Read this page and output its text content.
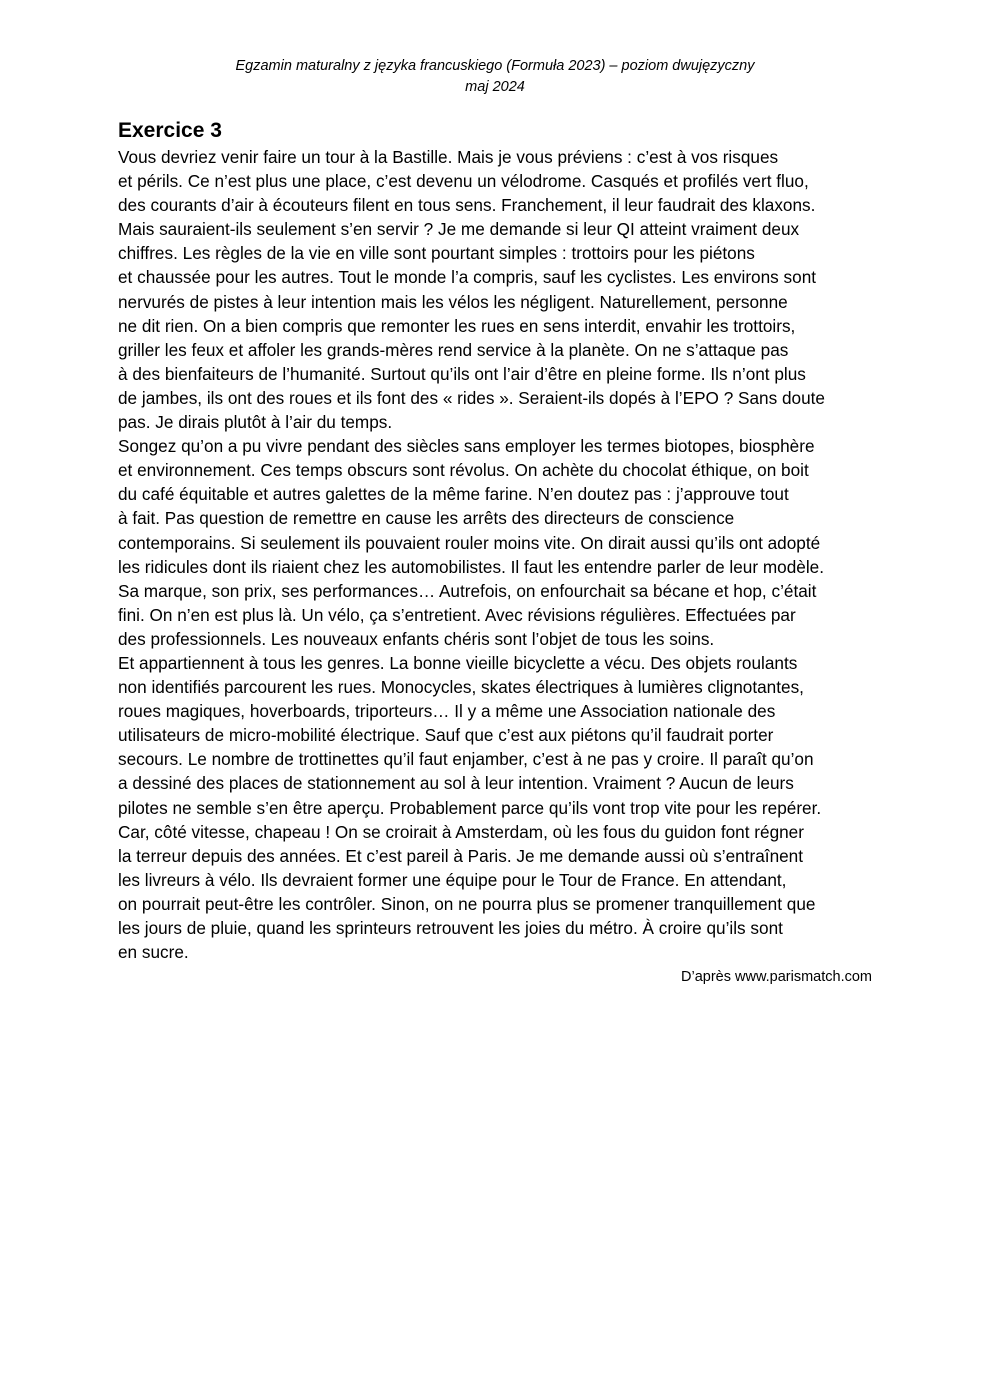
Egzamin maturalny z języka francuskiego (Formuła 2023) – poziom dwujęzyczny
maj 2024
Exercice 3
Vous devriez venir faire un tour à la Bastille. Mais je vous préviens : c’est à vos risques
et périls. Ce n’est plus une place, c’est devenu un vélodrome. Casqués et profilés vert fluo,
des courants d’air à écouteurs filent en tous sens. Franchement, il leur faudrait des klaxons.
Mais sauraient-ils seulement s’en servir ? Je me demande si leur QI atteint vraiment deux
chiffres. Les règles de la vie en ville sont pourtant simples : trottoirs pour les piétons
et chaussée pour les autres. Tout le monde l’a compris, sauf les cyclistes. Les environs sont
nervurés de pistes à leur intention mais les vélos les négligent. Naturellement, personne
ne dit rien. On a bien compris que remonter les rues en sens interdit, envahir les trottoirs,
griller les feux et affoler les grands-mères rend service à la planète. On ne s’attaque pas
à des bienfaiteurs de l’humanité. Surtout qu’ils ont l’air d’être en pleine forme. Ils n’ont plus
de jambes, ils ont des roues et ils font des « rides ». Seraient-ils dopés à l’EPO ? Sans doute
pas. Je dirais plutôt à l’air du temps.
Songez qu’on a pu vivre pendant des siècles sans employer les termes biotopes, biosphère
et environnement. Ces temps obscurs sont révolus. On achète du chocolat éthique, on boit
du café équitable et autres galettes de la même farine. N’en doutez pas : j’approuve tout
à fait. Pas question de remettre en cause les arrêts des directeurs de conscience
contemporains. Si seulement ils pouvaient rouler moins vite. On dirait aussi qu’ils ont adopté
les ridicules dont ils riaient chez les automobilistes. Il faut les entendre parler de leur modèle.
Sa marque, son prix, ses performances… Autrefois, on enfourchait sa bécane et hop, c’était
fini. On n’en est plus là. Un vélo, ça s’entretient. Avec révisions régulières. Effectuées par
des professionnels. Les nouveaux enfants chéris sont l’objet de tous les soins.
Et appartiennent à tous les genres. La bonne vieille bicyclette a vécu. Des objets roulants
non identifiés parcourent les rues. Monocycles, skates électriques à lumières clignotantes,
roues magiques, hoverboards, triporteurs… Il y a même une Association nationale des
utilisateurs de micro-mobilité électrique. Sauf que c’est aux piétons qu’il faudrait porter
secours. Le nombre de trottinettes qu’il faut enjamber, c’est à ne pas y croire. Il paraît qu’on
a dessiné des places de stationnement au sol à leur intention. Vraiment ? Aucun de leurs
pilotes ne semble s’en être aperçu. Probablement parce qu’ils vont trop vite pour les repérer.
Car, côté vitesse, chapeau ! On se croirait à Amsterdam, où les fous du guidon font régner
la terreur depuis des années. Et c’est pareil à Paris. Je me demande aussi où s’entraînent
les livreurs à vélo. Ils devraient former une équipe pour le Tour de France. En attendant,
on pourrait peut-être les contrôler. Sinon, on ne pourra plus se promener tranquillement que
les jours de pluie, quand les sprinteurs retrouvent les joies du métro. À croire qu’ils sont
en sucre.
D’après www.parismatch.com
